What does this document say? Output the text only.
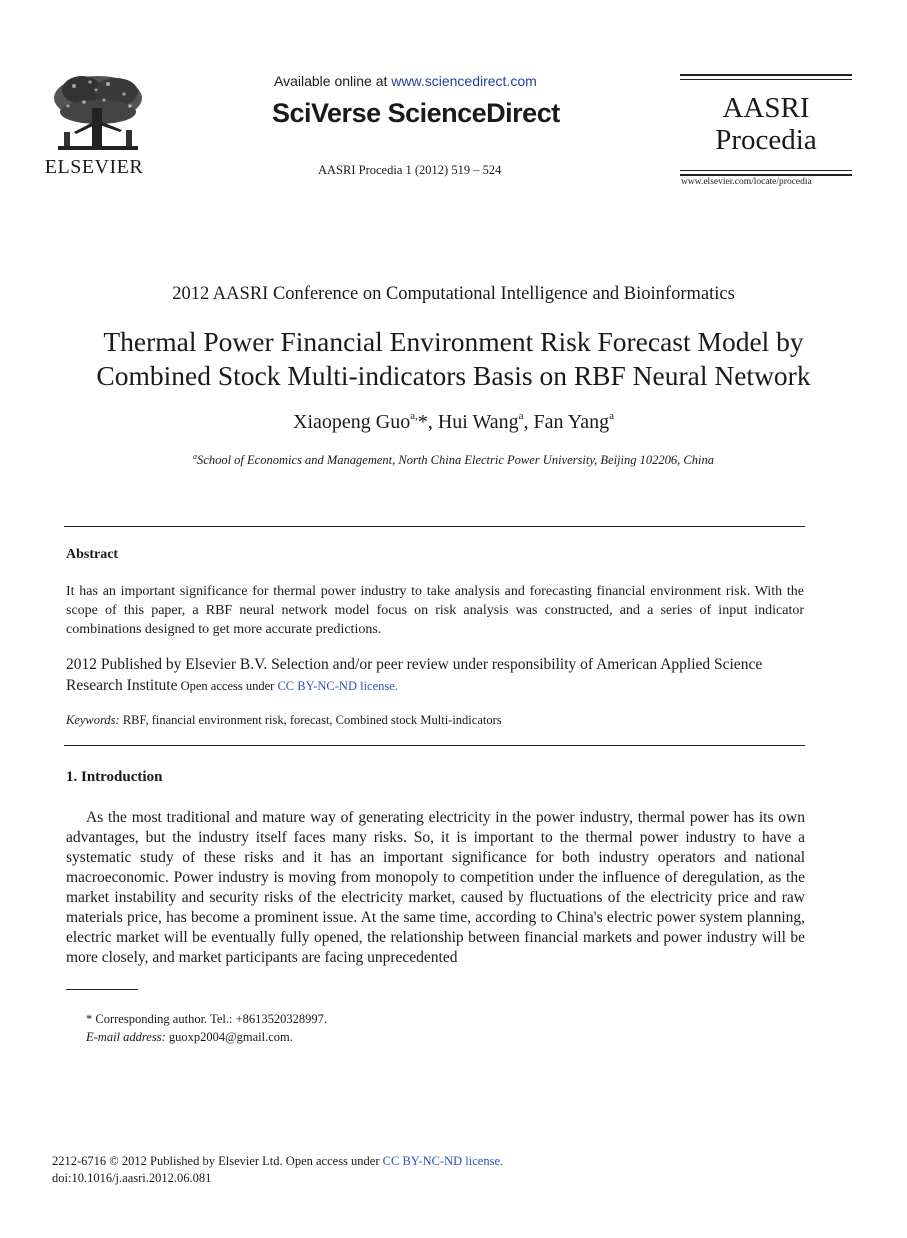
ELSEVIER
Available online at www.sciencedirect.com
SciVerse ScienceDirect
AASRI Procedia 1 (2012) 519 – 524
AASRI
Procedia
www.elsevier.com/locate/procedia
2012 AASRI Conference on Computational Intelligence and Bioinformatics
Thermal Power Financial Environment Risk Forecast Model by
Combined Stock Multi-indicators Basis on RBF Neural Network
Xiaopeng Guo$^{a,}$*, Hui Wang$^a$, Fan Yang$^a$
$^a$School of Economics and Management, North China Electric Power University, Beijing 102206, China
Abstract
It has an important significance for thermal power industry to take analysis and forecasting financial environment risk. With the scope of this paper, a RBF neural network model focus on risk analysis was constructed, and a series of input indicator combinations designed to get more accurate predictions.
2012 Published by Elsevier B.V. Selection and/or peer review under responsibility of American Applied Science Research Institute Open access under CC BY-NC-ND license.
Keywords: RBF, financial environment risk, forecast, Combined stock Multi-indicators
1. Introduction
As the most traditional and mature way of generating electricity in the power industry, thermal power has its own advantages, but the industry itself faces many risks. So, it is important to the thermal power industry to have a systematic study of these risks and it has an important significance for both industry operators and national macroeconomic. Power industry is moving from monopoly to competition under the influence of deregulation, as the market instability and security risks of the electricity market, caused by fluctuations of the electricity price and raw materials price, has become a prominent issue. At the same time, according to China's electric power system planning, electric market will be eventually fully opened, the relationship between financial markets and power industry will be more closely, and market participants are facing unprecedented
* Corresponding author. Tel.: +8613520328997.
E-mail address: guoxp2004@gmail.com.
2212-6716 © 2012 Published by Elsevier Ltd. Open access under CC BY-NC-ND license.
doi:10.1016/j.aasri.2012.06.081
